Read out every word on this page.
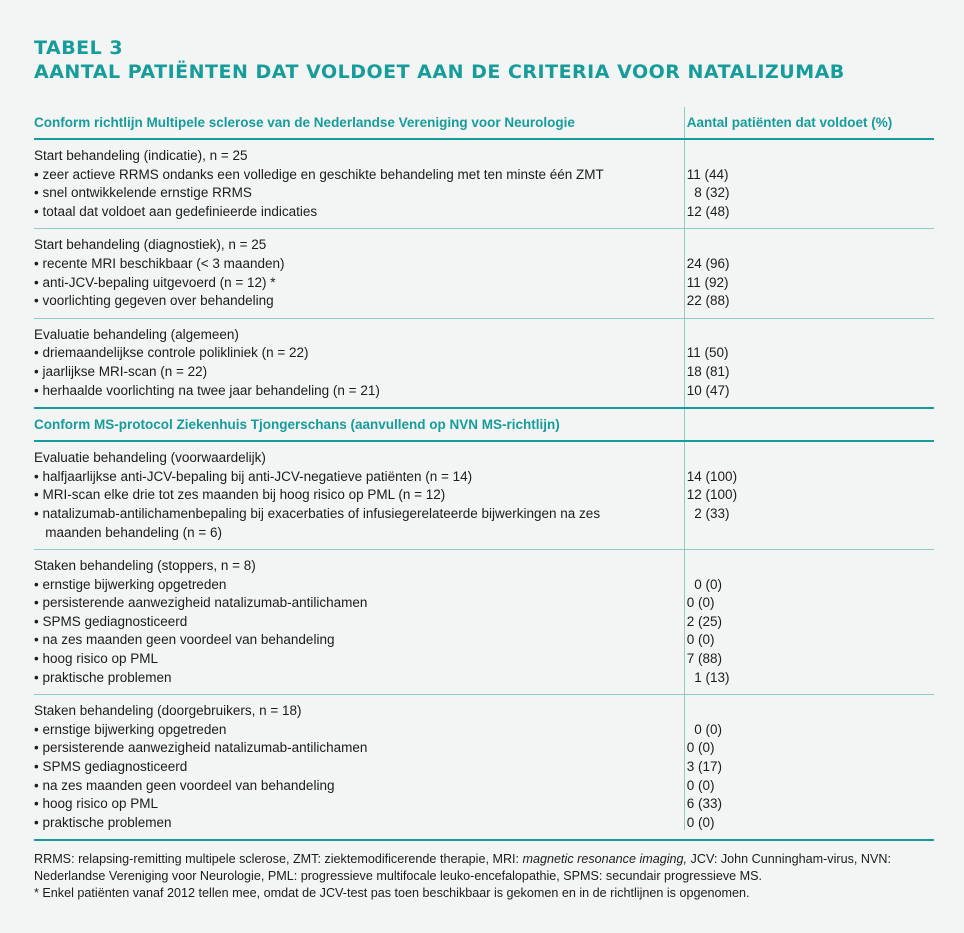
TABEL 3
AANTAL PATIËNTEN DAT VOLDOET AAN DE CRITERIA VOOR NATALIZUMAB
Conform richtlijn Multipele sclerose van de Nederlandse Vereniging voor Neurologie	Aantal patiënten dat voldoet (%)
Start behandeling (indicatie), n = 25
• zeer actieve RRMS ondanks een volledige en geschikte behandeling met ten minste één ZMT	11 (44)
• snel ontwikkelende ernstige RRMS	8 (32)
• totaal dat voldoet aan gedefinieerde indicaties	12 (48)
Start behandeling (diagnostiek), n = 25
• recente MRI beschikbaar (< 3 maanden)	24 (96)
• anti-JCV-bepaling uitgevoerd (n = 12) *	11 (92)
• voorlichting gegeven over behandeling	22 (88)
Evaluatie behandeling (algemeen)
• driemaandelijkse controle polikliniek (n = 22)	11 (50)
• jaarlijkse MRI-scan (n = 22)	18 (81)
• herhaalde voorlichting na twee jaar behandeling (n = 21)	10 (47)
Conform MS-protocol Ziekenhuis Tjongerschans (aanvullend op NVN MS-richtlijn)
Evaluatie behandeling (voorwaardelijk)
• halfjaarlijkse anti-JCV-bepaling bij anti-JCV-negatieve patiënten (n = 14)	14 (100)
• MRI-scan elke drie tot zes maanden bij hoog risico op PML (n = 12)	12 (100)
• natalizumab-antilichamenbepaling bij exacerbaties of infusiegerelateerde bijwerkingen na zes	2 (33)
maanden behandeling (n = 6)
Staken behandeling (stoppers, n = 8)
• ernstige bijwerking opgetreden	0 (0)
• persisterende aanwezigheid natalizumab-antilichamen	0 (0)
• SPMS gediagnosticeerd	2 (25)
• na zes maanden geen voordeel van behandeling	0 (0)
• hoog risico op PML	7 (88)
• praktische problemen	1 (13)
Staken behandeling (doorgebruikers, n = 18)
• ernstige bijwerking opgetreden	0 (0)
• persisterende aanwezigheid natalizumab-antilichamen	0 (0)
• SPMS gediagnosticeerd	3 (17)
• na zes maanden geen voordeel van behandeling	0 (0)
• hoog risico op PML	6 (33)
• praktische problemen	0 (0)
RRMS: relapsing-remitting multipele sclerose, ZMT: ziektemodificerende therapie, MRI: magnetic resonance imaging, JCV: John Cunningham-virus, NVN: Nederlandse Vereniging voor Neurologie, PML: progressieve multifocale leuko-encefalopathie, SPMS: secundair progressieve MS.
* Enkel patiënten vanaf 2012 tellen mee, omdat de JCV-test pas toen beschikbaar is gekomen en in de richtlijnen is opgenomen.
